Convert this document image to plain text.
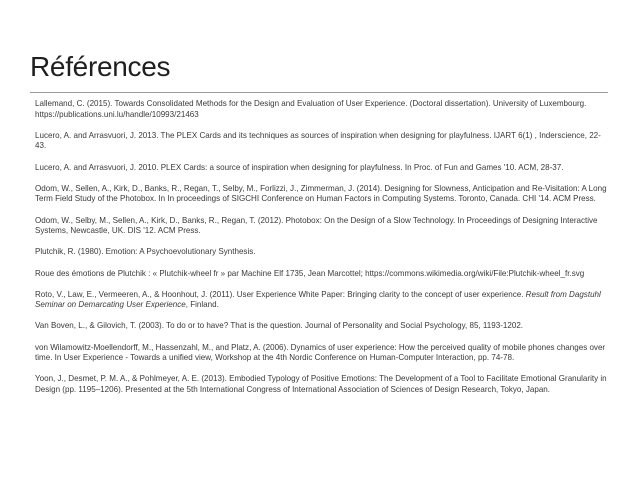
Références
Lallemand, C. (2015). Towards Consolidated Methods for the Design and Evaluation of User Experience. (Doctoral dissertation). University of Luxembourg. https://publications.uni.lu/handle/10993/21463
Lucero, A. and Arrasvuori, J. 2013. The PLEX Cards and its techniques as sources of inspiration when designing for playfulness. IJART 6(1) , Inderscience, 22-43.
Lucero, A. and Arrasvuori, J. 2010. PLEX Cards: a source of inspiration when designing for playfulness. In Proc. of Fun and Games '10. ACM, 28-37.
Odom, W., Sellen, A., Kirk, D., Banks, R., Regan, T., Selby, M., Forlizzi, J., Zimmerman, J. (2014). Designing for Slowness, Anticipation and Re-Visitation: A Long Term Field Study of the Photobox. In In proceedings of SIGCHI Conference on Human Factors in Computing Systems. Toronto, Canada. CHI '14. ACM Press.
Odom, W., Selby, M., Sellen, A., Kirk, D., Banks, R., Regan, T. (2012). Photobox: On the Design of a Slow Technology. In Proceedings of Designing Interactive Systems, Newcastle, UK. DIS '12. ACM Press.
Plutchik, R. (1980). Emotion: A Psychoevolutionary Synthesis.
Roue des émotions de Plutchik : « Plutchik-wheel fr » par Machine Elf 1735, Jean Marcottel; https://commons.wikimedia.org/wiki/File:Plutchik-wheel_fr.svg
Roto, V., Law, E., Vermeeren, A., & Hoonhout, J. (2011). User Experience White Paper: Bringing clarity to the concept of user experience. Result from Dagstuhl Seminar on Demarcating User Experience, Finland.
Van Boven, L., & Gilovich, T. (2003). To do or to have? That is the question. Journal of Personality and Social Psychology, 85, 1193-1202.
von Wilamowitz-Moellendorff, M., Hassenzahl, M., and Platz, A. (2006). Dynamics of user experience: How the perceived quality of mobile phones changes over time. In User Experience - Towards a unified view, Workshop at the 4th Nordic Conference on Human-Computer Interaction, pp. 74-78.
Yoon, J., Desmet, P. M. A., & Pohlmeyer, A. E. (2013). Embodied Typology of Positive Emotions: The Development of a Tool to Facilitate Emotional Granularity in Design (pp. 1195–1206). Presented at the 5th International Congress of International Association of Sciences of Design Research, Tokyo, Japan.
